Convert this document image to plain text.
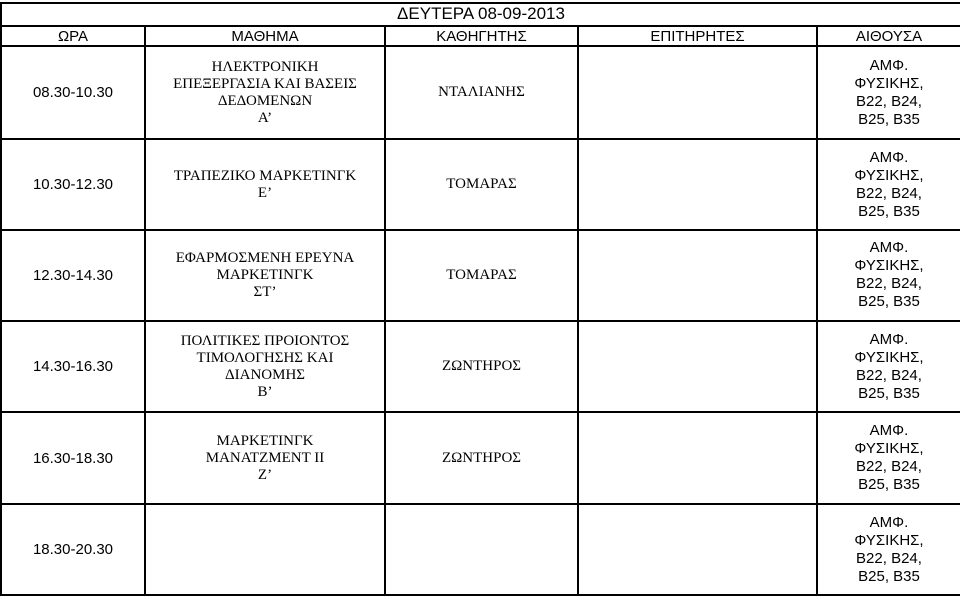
ΔΕΥΤΕΡΑ 08-09-2013				
ΩΡΑ	ΜΑΘΗΜΑ	ΚΑΘΗΓΗΤΗΣ	ΕΠΙΤΗΡΗΤΕΣ	ΑΙΘΟΥΣΑ
08.30-10.30	ΗΛΕΚΤΡΟΝΙΚΗ
ΕΠΕΞΕΡΓΑΣΙΑ ΚΑΙ ΒΑΣΕΙΣ
ΔΕΔΟΜΕΝΩΝ
Α’	ΝΤΑΛΙΑΝΗΣ		ΑΜΦ.
ΦΥΣΙΚΗΣ,
Β22, Β24,
Β25, Β35

10.30-12.30	ΤΡΑΠΕΖΙΚΟ ΜΑΡΚΕΤΙΝΓΚ
Ε’	ΤΟΜΑΡΑΣ		ΑΜΦ.
ΦΥΣΙΚΗΣ,
Β22, Β24,
Β25, Β35

12.30-14.30	ΕΦΑΡΜΟΣΜΕΝΗ ΕΡΕΥΝΑ
ΜΑΡΚΕΤΙΝΓΚ
ΣΤ’	ΤΟΜΑΡΑΣ		ΑΜΦ.
ΦΥΣΙΚΗΣ,
Β22, Β24,
Β25, Β35

14.30-16.30	ΠΟΛΙΤΙΚΕΣ ΠΡΟΙΟΝΤΟΣ
ΤΙΜΟΛΟΓΗΣΗΣ ΚΑΙ
ΔΙΑΝΟΜΗΣ
Β’	ΖΩΝΤΗΡΟΣ		ΑΜΦ.
ΦΥΣΙΚΗΣ,
Β22, Β24,
Β25, Β35

16.30-18.30	ΜΑΡΚΕΤΙΝΓΚ
ΜΑΝΑΤΖΜΕΝΤ ΙΙ
Ζ’	ΖΩΝΤΗΡΟΣ		ΑΜΦ.
ΦΥΣΙΚΗΣ,
Β22, Β24,
Β25, Β35

18.30-20.30				ΑΜΦ.
ΦΥΣΙΚΗΣ,
Β22, Β24,
Β25, Β35
